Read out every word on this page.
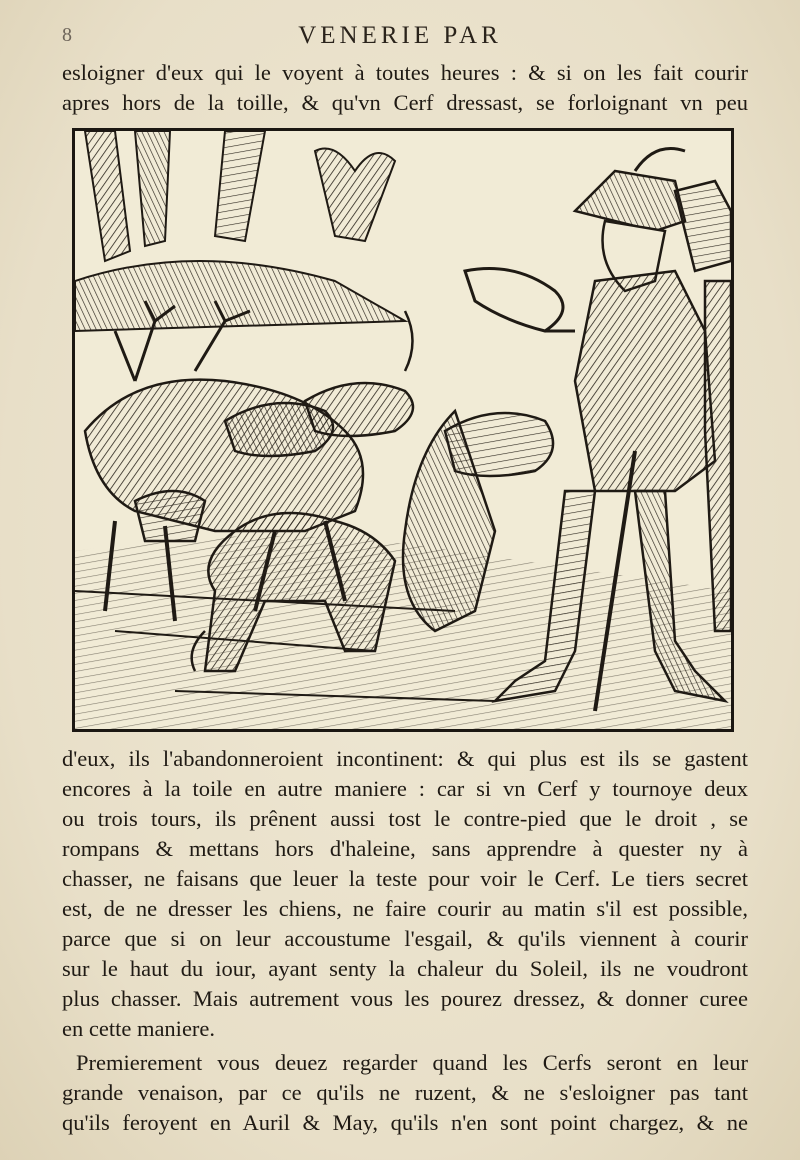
8	VENERIE PAR
esloigner d'eux qui le voyent à toutes heures : & si on les fait courir
apres hors de la toille, & qu'vn Cerf dressast, se forloignant vn peu
d'eux, ils l'abandonneroient incontinent: & qui plus est ils se gastent
encores à la toile en autre maniere : car si vn Cerf y tournoye deux
ou trois tours, ils prênent aussi tost le contre-pied que le droit , se
rompans & mettans hors d'haleine, sans apprendre à quester ny à
chasser, ne faisans que leuer la teste pour voir le Cerf. Le tiers secret
est, de ne dresser les chiens, ne faire courir au matin s'il est possible,
parce que si on leur accoustume l'esgail, & qu'ils viennent à courir
sur le haut du iour, ayant senty la chaleur du Soleil, ils ne voudront
plus chasser. Mais autrement vous les pourez dressez, & donner curee
en cette maniere.
Premierement vous deuez regarder quand les Cerfs seront en leur
grande venaison, par ce qu'ils ne ruzent, & ne s'esloigner pas tant
qu'ils feroyent en Auril & May, qu'ils n'en sont point chargez, & ne
